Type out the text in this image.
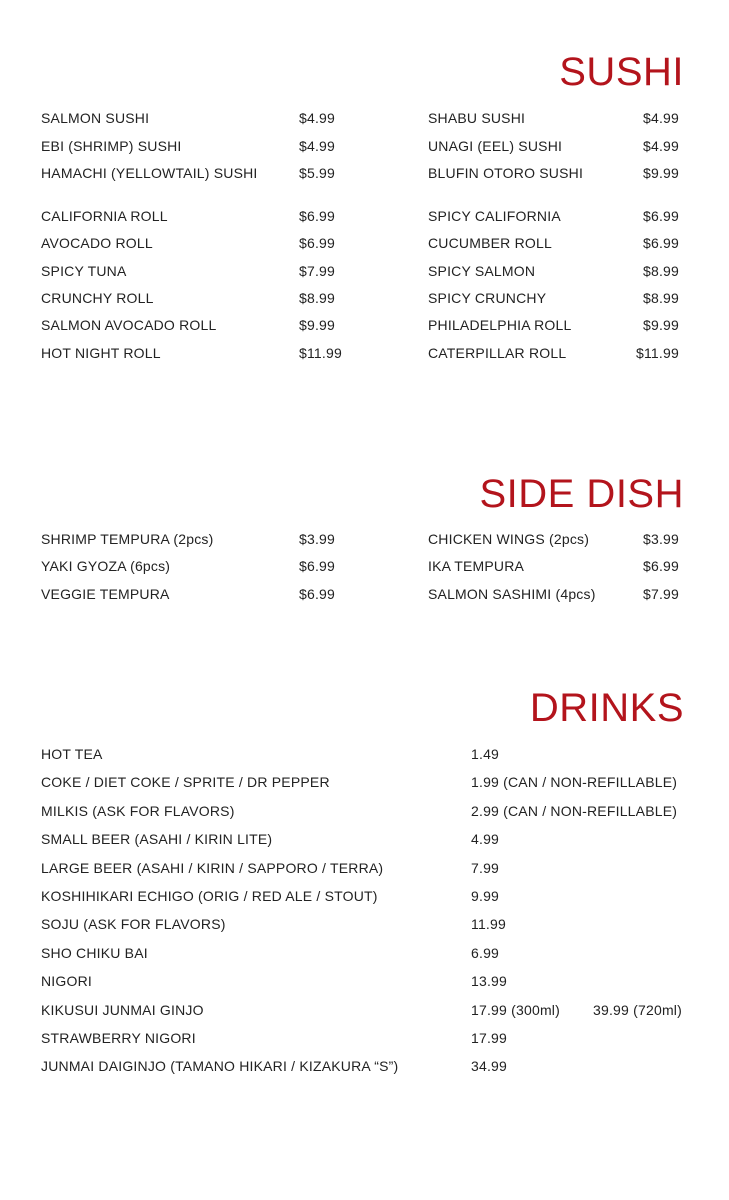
SUSHI
SALMON SUSHI	$4.99
EBI (SHRIMP) SUSHI	$4.99
HAMACHI (YELLOWTAIL) SUSHI	$5.99
SHABU SUSHI	$4.99
UNAGI (EEL) SUSHI	$4.99
BLUFIN OTORO SUSHI	$9.99
CALIFORNIA ROLL	$6.99
AVOCADO ROLL	$6.99
SPICY TUNA	$7.99
CRUNCHY ROLL	$8.99
SALMON AVOCADO ROLL	$9.99
HOT NIGHT ROLL	$11.99
SPICY CALIFORNIA	$6.99
CUCUMBER ROLL	$6.99
SPICY SALMON	$8.99
SPICY CRUNCHY	$8.99
PHILADELPHIA ROLL	$9.99
CATERPILLAR ROLL	$11.99
SIDE DISH
SHRIMP TEMPURA (2pcs)	$3.99
YAKI GYOZA (6pcs)	$6.99
VEGGIE TEMPURA	$6.99
CHICKEN WINGS (2pcs)	$3.99
IKA TEMPURA	$6.99
SALMON SASHIMI (4pcs)	$7.99
DRINKS
HOT TEA	1.49
COKE / DIET COKE / SPRITE / DR PEPPER	1.99 (CAN / NON-REFILLABLE)
MILKIS (ASK FOR FLAVORS)	2.99 (CAN / NON-REFILLABLE)
SMALL BEER (ASAHI / KIRIN LITE)	4.99
LARGE BEER (ASAHI / KIRIN / SAPPORO / TERRA)	7.99
KOSHIHIKARI ECHIGO (ORIG / RED ALE / STOUT)	9.99
SOJU (ASK FOR FLAVORS)	11.99
SHO CHIKU BAI	6.99
NIGORI	13.99
KIKUSUI JUNMAI GINJO	17.99 (300ml) 39.99 (720ml)
STRAWBERRY NIGORI	17.99
JUNMAI DAIGINJO (TAMANO HIKARI / KIZAKURA “S”)	34.99
